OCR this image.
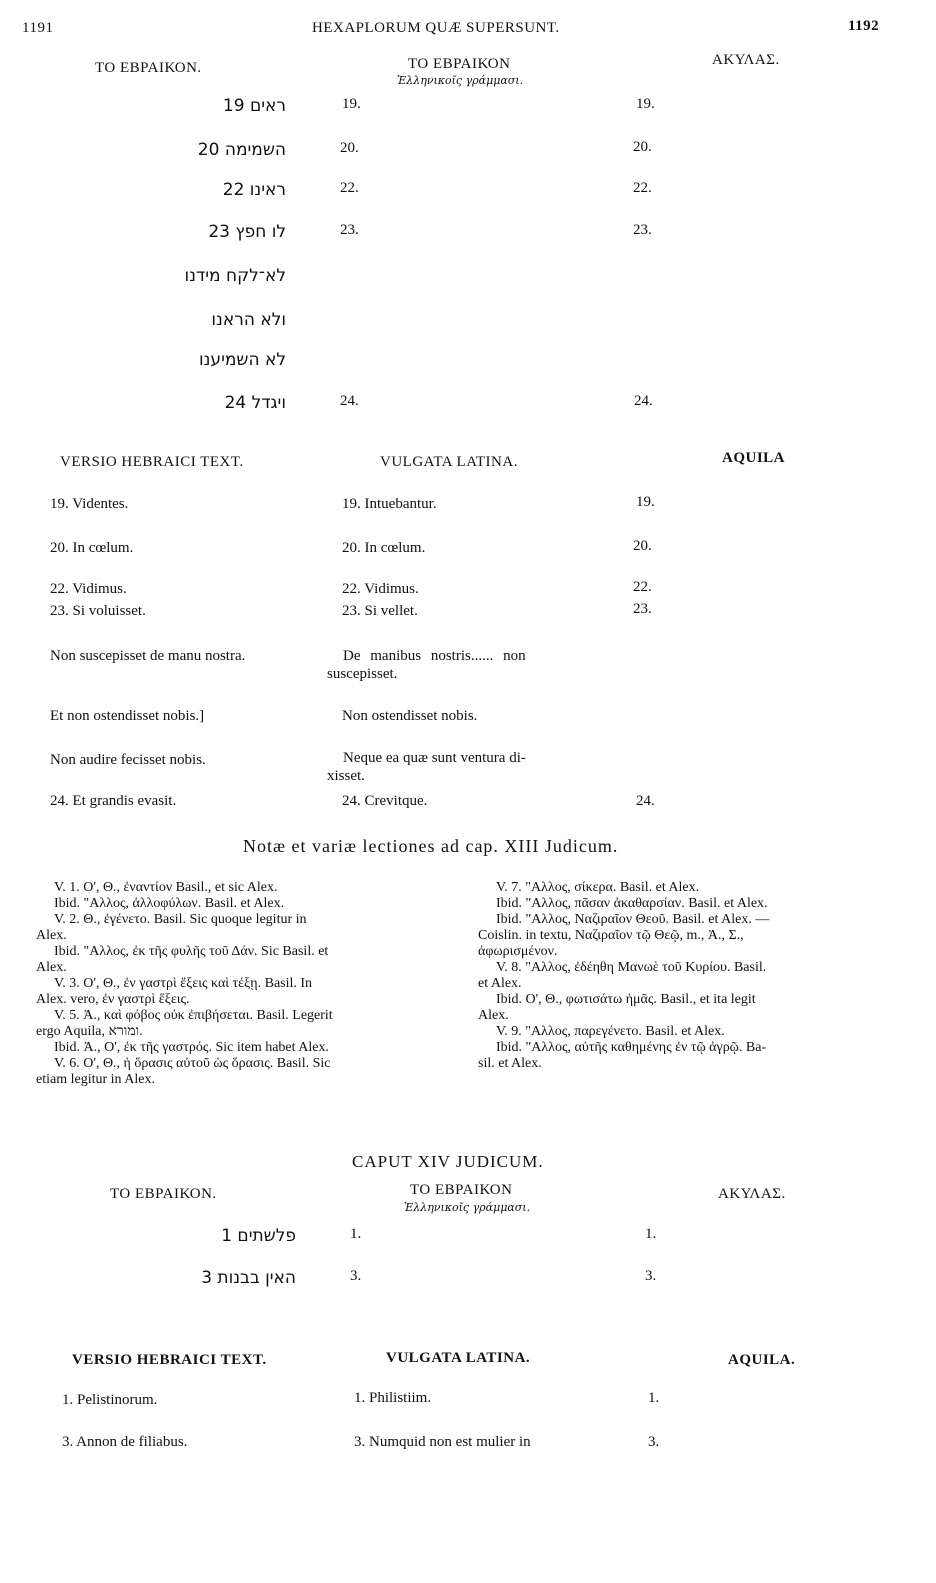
1191	HEXAPLORUM QUÆ SUPERSUNT.	1192
ΤΟ ΕΒΡΑΙΚΟΝ.	ΤΟ ΕΒΡΑΙΚΟΝ
Ἑλληνικοῖς γράμμασι.
ΑΚΥΛΑΣ.
ראים 19	19.	19.
השמימה 20	20.	20.
ראינו 22	22.	22.
לו חפץ 23	23.	23.
לא־לקח מידנו
ולא הראנו
לא השמיענו
ויגדל 24	24.	24.
VERSIO HEBRAICI TEXT.	VULGATA LATINA.	AQUILA
19. Videntes.	19. Intuebantur.	19.
20. In cœlum.	20. In cœlum.	20.
22. Vidimus.	22. Vidimus.	22.
23. Si voluisset.	23. Si vellet.	23.
Non suscepisset de manu nostra.	De manibus nostris...... non
suscepisset.
Et non ostendisset nobis.]	Non ostendisset nobis.
Non audire fecisset nobis.	Neque ea quæ sunt ventura di-
xisset.
24. Et grandis evasit.	24. Crevitque.	24.
Notæ et variæ lectiones ad cap. XIII Judicum.
V. 1. Ο', Θ., ἐναντίον Basil., et sic Alex.
Ibid. "Αλλος, ἀλλοφύλων. Basil. et Alex.
V. 2. Θ., ἐγένετο. Basil. Sic quoque legitur in
Alex.
Ibid. "Αλλος, ἐκ τῆς φυλῆς τοῦ Δάν. Sic Basil. et
Alex.
V. 3. Ο', Θ., ἐν γαστρὶ ἕξεις καὶ τέξῃ. Basil. In
Alex. vero, ἐν γαστρὶ ἕξεις.
V. 5. Ἀ., καὶ φόβος οὐκ ἐπιβήσεται. Basil. Legerit
ergo Aquila, ומורא.
Ibid. Ἀ., Ο', ἐκ τῆς γαστρός. Sic item habet Alex.
V. 6. Ο', Θ., ἡ ὅρασις αὐτοῦ ὡς ὅρασις. Basil. Sic
etiam legitur in Alex.
V. 7. "Αλλος, σίκερα. Basil. et Alex.
Ibid. "Αλλος, πᾶσαν ἀκαθαρσίαν. Basil. et Alex.
Ibid. "Αλλος, Ναζιραῖον Θεοῦ. Basil. et Alex. —
Coislin. in textu, Ναζιραῖον τῷ Θεῷ, m., Ἀ., Σ.,
ἀφωρισμένον.
V. 8. "Αλλος, ἐδέηθη Μανωὲ τοῦ Κυρίου. Basil.
et Alex.
Ibid. Ο', Θ., φωτισάτω ἡμᾶς. Basil., et ita legit
Alex.
V. 9. "Αλλος, παρεγένετο. Basil. et Alex.
Ibid. "Αλλος, αὐτῆς καθημένης ἐν τῷ ἀγρῷ. Ba-
sil. et Alex.
CAPUT XIV JUDICUM.
ΤΟ ΕΒΡΑΙΚΟΝ.	ΤΟ ΕΒΡΑΙΚΟΝ
Ἑλληνικοῖς γράμμασι.
ΑΚΥΛΑΣ.
פלשתים 1	1.	1.
האין בבנות 3	3.	3.
VERSIO HEBRAICI TEXT.	VULGATA LATINA.	AQUILA.
1. Pelistinorum.	1. Philistiim.	1.
3. Annon de filiabus.	3. Numquid non est mulier in	3.
